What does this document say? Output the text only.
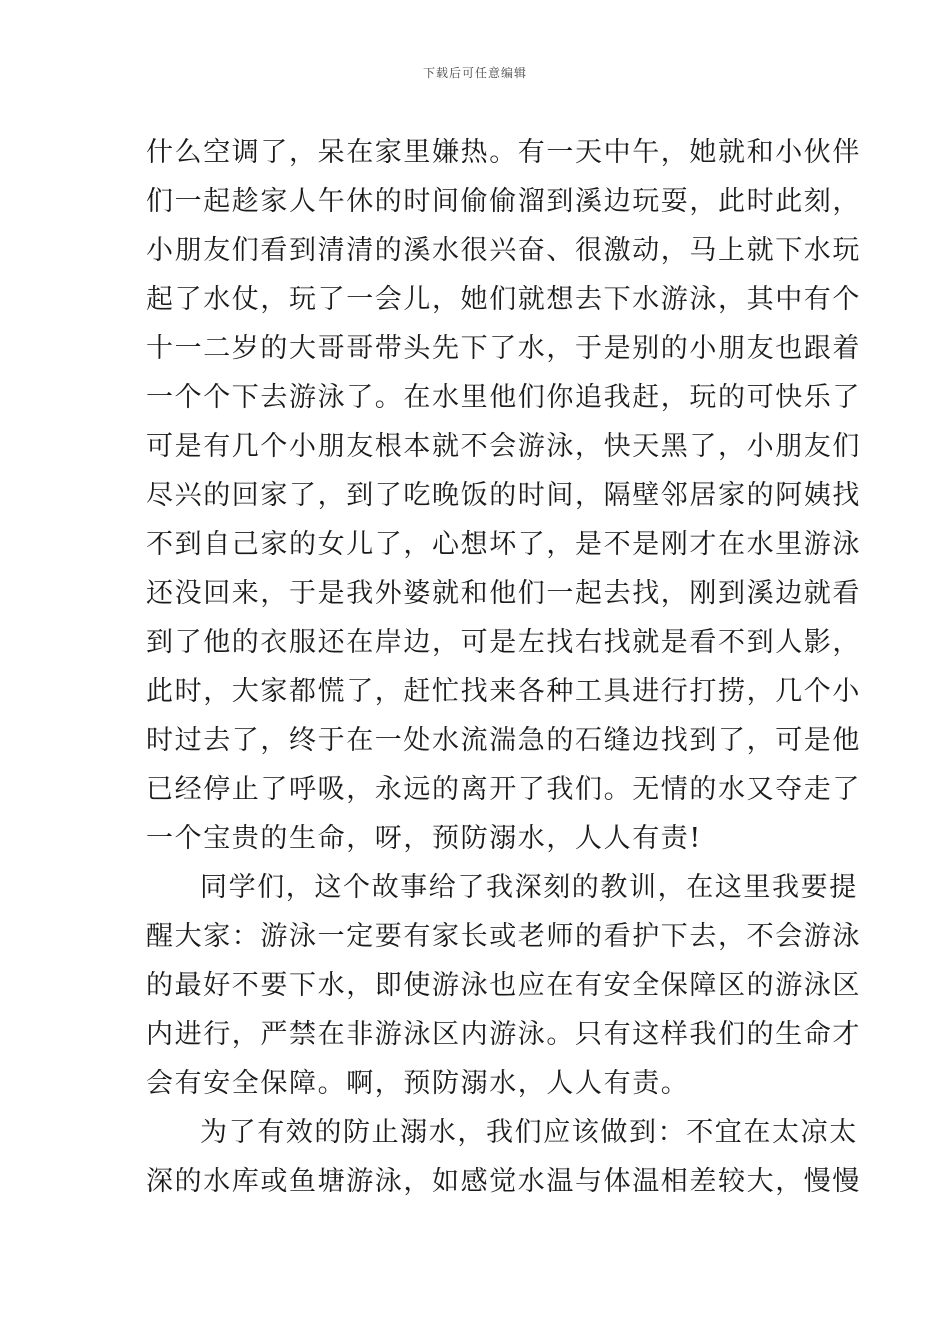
下载后可任意编辑
什么空调了，呆在家里嫌热。有一天中午，她就和小伙伴
们一起趁家人午休的时间偷偷溜到溪边玩耍，此时此刻，
小朋友们看到清清的溪水很兴奋、很激动，马上就下水玩
起了水仗，玩了一会儿，她们就想去下水游泳，其中有个
十一二岁的大哥哥带头先下了水，于是别的小朋友也跟着
一个个下去游泳了。在水里他们你追我赶，玩的可快乐了
可是有几个小朋友根本就不会游泳，快天黑了，小朋友们
尽兴的回家了，到了吃晚饭的时间，隔壁邻居家的阿姨找
不到自己家的女儿了，心想坏了，是不是刚才在水里游泳
还没回来，于是我外婆就和他们一起去找，刚到溪边就看
到了他的衣服还在岸边，可是左找右找就是看不到人影，
此时，大家都慌了，赶忙找来各种工具进行打捞，几个小
时过去了，终于在一处水流湍急的石缝边找到了，可是他
已经停止了呼吸，永远的离开了我们。无情的水又夺走了
一个宝贵的生命，呀，预防溺水，人人有责!
同学们，这个故事给了我深刻的教训，在这里我要提
醒大家：游泳一定要有家长或老师的看护下去，不会游泳
的最好不要下水，即使游泳也应在有安全保障区的游泳区
内进行，严禁在非游泳区内游泳。只有这样我们的生命才
会有安全保障。啊，预防溺水，人人有责。
为了有效的防止溺水，我们应该做到：不宜在太凉太
深的水库或鱼塘游泳，如感觉水温与体温相差较大，慢慢
